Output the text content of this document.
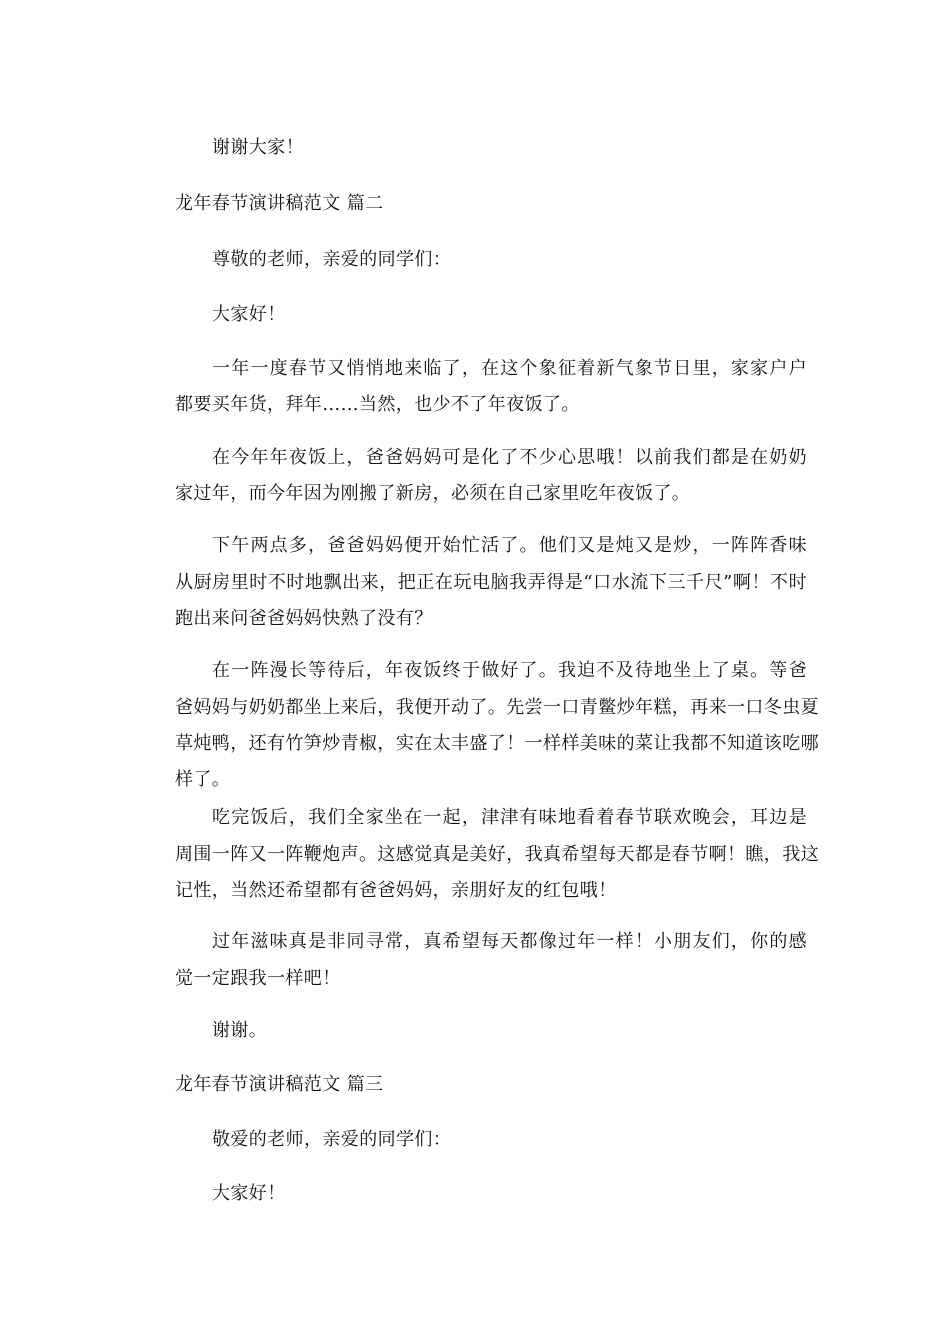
谢谢大家！
龙年春节演讲稿范文 篇二
尊敬的老师，亲爱的同学们：
大家好！
一年一度春节又悄悄地来临了，在这个象征着新气象节日里，家家户户
都要买年货，拜年……当然，也少不了年夜饭了。
在今年年夜饭上，爸爸妈妈可是化了不少心思哦！以前我们都是在奶奶
家过年，而今年因为刚搬了新房，必须在自己家里吃年夜饭了。
下午两点多，爸爸妈妈便开始忙活了。他们又是炖又是炒，一阵阵香味
从厨房里时不时地飘出来，把正在玩电脑我弄得是“口水流下三千尺”啊！不时
跑出来问爸爸妈妈快熟了没有？
在一阵漫长等待后，年夜饭终于做好了。我迫不及待地坐上了桌。等爸
爸妈妈与奶奶都坐上来后，我便开动了。先尝一口青鳖炒年糕，再来一口冬虫夏
草炖鸭，还有竹笋炒青椒，实在太丰盛了！一样样美味的菜让我都不知道该吃哪
样了。
吃完饭后，我们全家坐在一起，津津有味地看着春节联欢晚会，耳边是
周围一阵又一阵鞭炮声。这感觉真是美好，我真希望每天都是春节啊！瞧，我这
记性，当然还希望都有爸爸妈妈，亲朋好友的红包哦！
过年滋味真是非同寻常，真希望每天都像过年一样！小朋友们，你的感
觉一定跟我一样吧！
谢谢。
龙年春节演讲稿范文 篇三
敬爱的老师，亲爱的同学们：
大家好！
